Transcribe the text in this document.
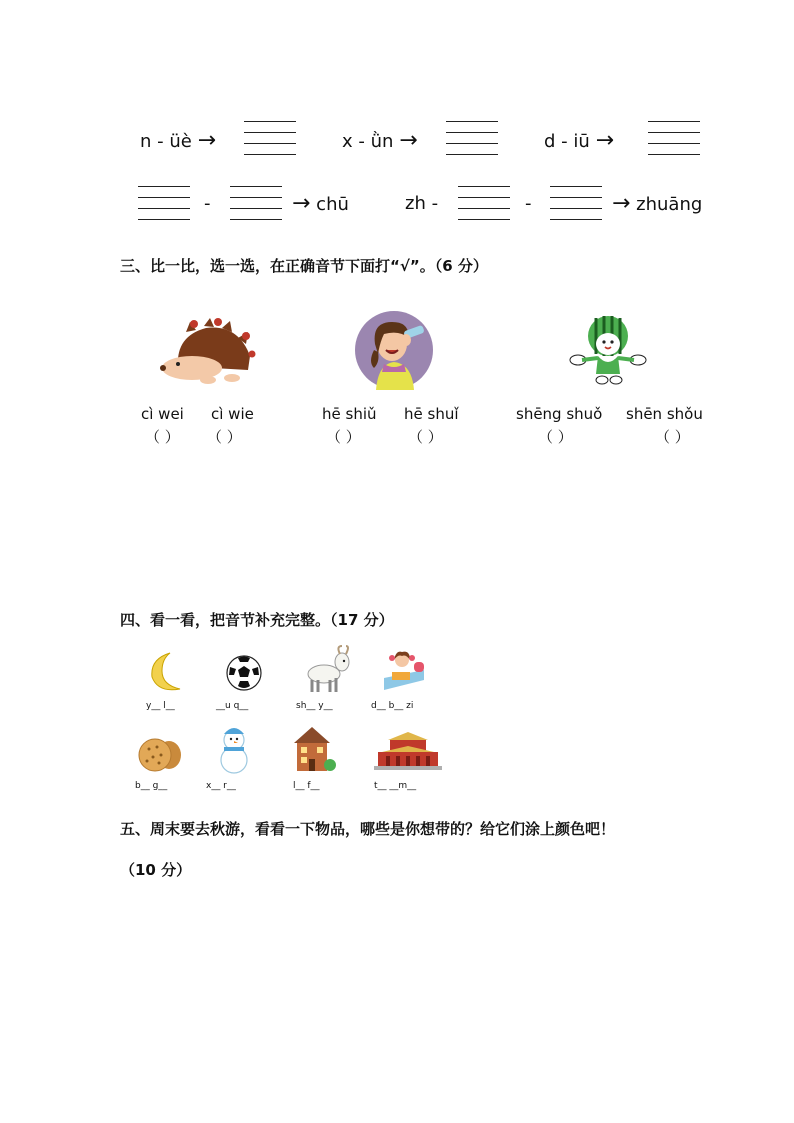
n - üè →	x - ǜn →	d - iū →
-	→ chū	zh -	-	→ zhuāng
三、比一比，选一选，在正确音节下面打“√”。（6 分）
cì wei cì wie	hē shiǔ hē shuǐ	shēng shuǒ shēn shǒu
（ ） （ ）	（ ）	（ ）	（ ）	（ ）
四、看一看，把音节补充完整。（17 分）
y__ l__	__u q__	sh__ y__	d__ b__ zi
b__ g__	x__ r__	l__ f__	t__ __m__
五、周末要去秋游，看看一下物品，哪些是你想带的？给它们涂上颜色吧！
（10 分）
